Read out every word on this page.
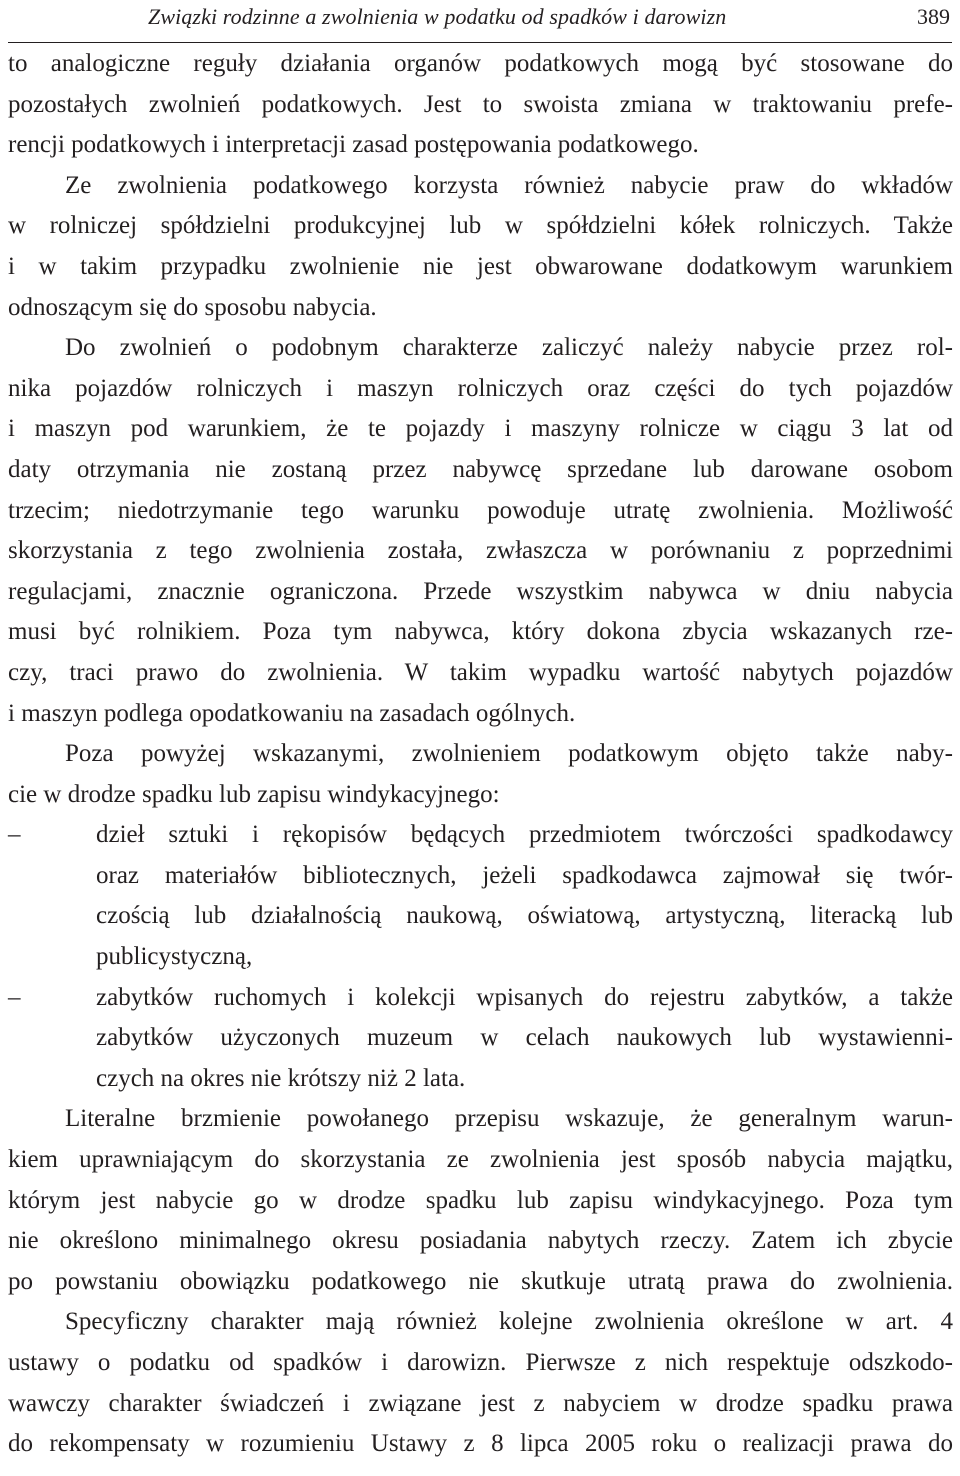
Związki rodzinne a zwolnienia w podatku od spadków i darowizn	389
to analogiczne reguły działania organów podatkowych mogą być stosowane do
pozostałych zwolnień podatkowych. Jest to swoista zmiana w traktowaniu prefe-
rencji podatkowych i interpretacji zasad postępowania podatkowego.
Ze zwolnienia podatkowego korzysta również nabycie praw do wkładów
w rolniczej spółdzielni produkcyjnej lub w spółdzielni kółek rolniczych. Także
i w takim przypadku zwolnienie nie jest obwarowane dodatkowym warunkiem
odnoszącym się do sposobu nabycia.
Do zwolnień o podobnym charakterze zaliczyć należy nabycie przez rol-
nika pojazdów rolniczych i maszyn rolniczych oraz części do tych pojazdów
i maszyn pod warunkiem, że te pojazdy i maszyny rolnicze w ciągu 3 lat od
daty otrzymania nie zostaną przez nabywcę sprzedane lub darowane osobom
trzecim; niedotrzymanie tego warunku powoduje utratę zwolnienia. Możliwość
skorzystania z tego zwolnienia została, zwłaszcza w porównaniu z poprzednimi
regulacjami, znacznie ograniczona. Przede wszystkim nabywca w dniu nabycia
musi być rolnikiem. Poza tym nabywca, który dokona zbycia wskazanych rze-
czy, traci prawo do zwolnienia. W takim wypadku wartość nabytych pojazdów
i maszyn podlega opodatkowaniu na zasadach ogólnych.
Poza powyżej wskazanymi, zwolnieniem podatkowym objęto także naby-
cie w drodze spadku lub zapisu windykacyjnego:
–	dzieł sztuki i rękopisów będących przedmiotem twórczości spadkodawcy
oraz materiałów bibliotecznych, jeżeli spadkodawca zajmował się twór-
czością lub działalnością naukową, oświatową, artystyczną, literacką lub
publicystyczną,
–	zabytków ruchomych i kolekcji wpisanych do rejestru zabytków, a także
zabytków użyczonych muzeum w celach naukowych lub wystawienni-
czych na okres nie krótszy niż 2 lata.
Literalne brzmienie powołanego przepisu wskazuje, że generalnym warun-
kiem uprawniającym do skorzystania ze zwolnienia jest sposób nabycia majątku,
którym jest nabycie go w drodze spadku lub zapisu windykacyjnego. Poza tym
nie określono minimalnego okresu posiadania nabytych rzeczy. Zatem ich zbycie
po powstaniu obowiązku podatkowego nie skutkuje utratą prawa do zwolnienia.
Specyficzny charakter mają również kolejne zwolnienia określone w art. 4
ustawy o podatku od spadków i darowizn. Pierwsze z nich respektuje odszkodo-
wawczy charakter świadczeń i związane jest z nabyciem w drodze spadku prawa
do rekompensaty w rozumieniu Ustawy z 8 lipca 2005 roku o realizacji prawa do
